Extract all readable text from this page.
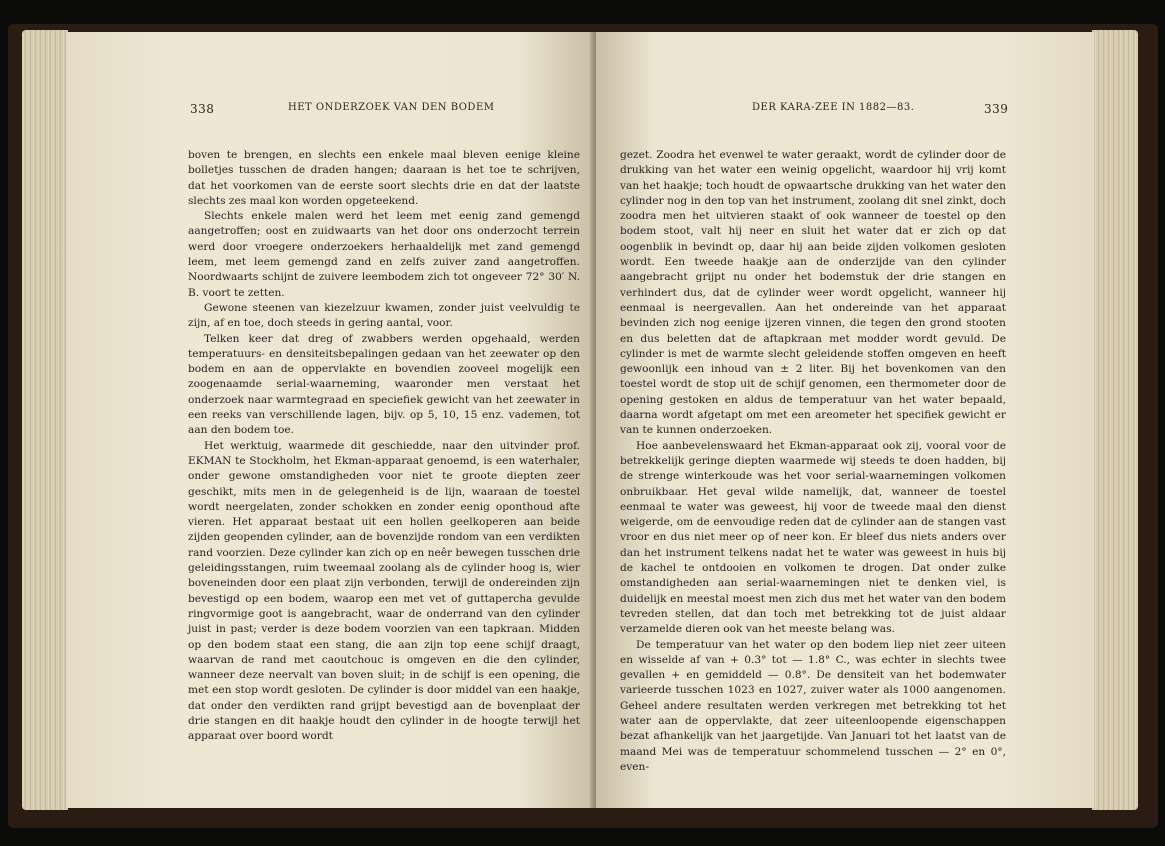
338	HET ONDERZOEK VAN DEN BODEM

boven te brengen, en slechts een enkele maal bleven eenige kleine bolletjes tusschen de draden hangen; daaraan is het toe te schrijven, dat het voorkomen van de eerste soort slechts drie en dat der laatste slechts zes maal kon worden opgeteekend.

Slechts enkele malen werd het leem met eenig zand gemengd aangetroffen; oost en zuidwaarts van het door ons onderzocht terrein werd door vroegere onderzoekers herhaaldelijk met zand gemengd leem, met leem gemengd zand en zelfs zuiver zand aangetroffen. Noordwaarts schijnt de zuivere leembodem zich tot ongeveer 72° 30′ N. B. voort te zetten.

Gewone steenen van kiezelzuur kwamen, zonder juist veelvuldig te zijn, af en toe, doch steeds in gering aantal, voor.

Telken keer dat dreg of zwabbers werden opgehaald, werden temperatuurs- en densiteitsbepalingen gedaan van het zeewater op den bodem en aan de oppervlakte en bovendien zooveel mogelijk een zoogenaamde serial-waarneming, waaronder men verstaat het onderzoek naar warmtegraad en speciefiek gewicht van het zeewater in een reeks van verschillende lagen, bijv. op 5, 10, 15 enz. vademen, tot aan den bodem toe.

Het werktuig, waarmede dit geschiedde, naar den uitvinder prof. EKMAN te Stockholm, het Ekman-apparaat genoemd, is een waterhaler, onder gewone omstandigheden voor niet te groote diepten zeer geschikt, mits men in de gelegenheid is de lijn, waaraan de toestel wordt neergelaten, zonder schokken en zonder eenig oponthoud afte vieren. Het apparaat bestaat uit een hollen geelkoperen aan beide zijden geopenden cylinder, aan de bovenzijde rondom van een verdikten rand voorzien. Deze cylinder kan zich op en neêr bewegen tusschen drie geleidingsstangen, ruim tweemaal zoolang als de cylinder hoog is, wier boveneinden door een plaat zijn verbonden, terwijl de ondereinden zijn bevestigd op een bodem, waarop een met vet of guttapercha gevulde ringvormige goot is aangebracht, waar de onderrand van den cylinder juist in past; verder is deze bodem voorzien van een tapkraan. Midden op den bodem staat een stang, die aan zijn top eene schijf draagt, waarvan de rand met caoutchouc is omgeven en die den cylinder, wanneer deze neervalt van boven sluit; in de schijf is een opening, die met een stop wordt gesloten. De cylinder is door middel van een haakje, dat onder den verdikten rand grijpt bevestigd aan de bovenplaat der drie stangen en dit haakje houdt den cylinder in de hoogte terwijl het apparaat over boord wordt

DER KARA-ZEE IN 1882—83.	339

gezet. Zoodra het evenwel te water geraakt, wordt de cylinder door de drukking van het water een weinig opgelicht, waardoor hij vrij komt van het haakje; toch houdt de opwaartsche drukking van het water den cylinder nog in den top van het instrument, zoolang dit snel zinkt, doch zoodra men het uitvieren staakt of ook wanneer de toestel op den bodem stoot, valt hij neer en sluit het water dat er zich op dat oogenblik in bevindt op, daar hij aan beide zijden volkomen gesloten wordt. Een tweede haakje aan de onderzijde van den cylinder aangebracht grijpt nu onder het bodemstuk der drie stangen en verhindert dus, dat de cylinder weer wordt opgelicht, wanneer hij eenmaal is neergevallen. Aan het ondereinde van het apparaat bevinden zich nog eenige ijzeren vinnen, die tegen den grond stooten en dus beletten dat de aftapkraan met modder wordt gevuld. De cylinder is met de warmte slecht geleidende stoffen omgeven en heeft gewoonlijk een inhoud van ± 2 liter. Bij het bovenkomen van den toestel wordt de stop uit de schijf genomen, een thermometer door de opening gestoken en aldus de temperatuur van het water bepaald, daarna wordt afgetapt om met een areometer het specifiek gewicht er van te kunnen onderzoeken.

Hoe aanbevelenswaard het Ekman-apparaat ook zij, vooral voor de betrekkelijk geringe diepten waarmede wij steeds te doen hadden, bij de strenge winterkoude was het voor serial-waarnemingen volkomen onbruikbaar. Het geval wilde namelijk, dat, wanneer de toestel eenmaal te water was geweest, hij voor de tweede maal den dienst weigerde, om de eenvoudige reden dat de cylinder aan de stangen vast vroor en dus niet meer op of neer kon. Er bleef dus niets anders over dan het instrument telkens nadat het te water was geweest in huis bij de kachel te ontdooien en volkomen te drogen. Dat onder zulke omstandigheden aan serial-waarnemingen niet te denken viel, is duidelijk en meestal moest men zich dus met het water van den bodem tevreden stellen, dat dan toch met betrekking tot de juist aldaar verzamelde dieren ook van het meeste belang was.

De temperatuur van het water op den bodem liep niet zeer uiteen en wisselde af van + 0.3° tot — 1.8° C., was echter in slechts twee gevallen + en gemiddeld — 0.8°. De densiteit van het bodemwater varieerde tusschen 1023 en 1027, zuiver water als 1000 aangenomen. Geheel andere resultaten werden verkregen met betrekking tot het water aan de oppervlakte, dat zeer uiteenloopende eigenschappen bezat afhankelijk van het jaargetijde. Van Januari tot het laatst van de maand Mei was de temperatuur schommelend tusschen — 2° en 0°, even-
